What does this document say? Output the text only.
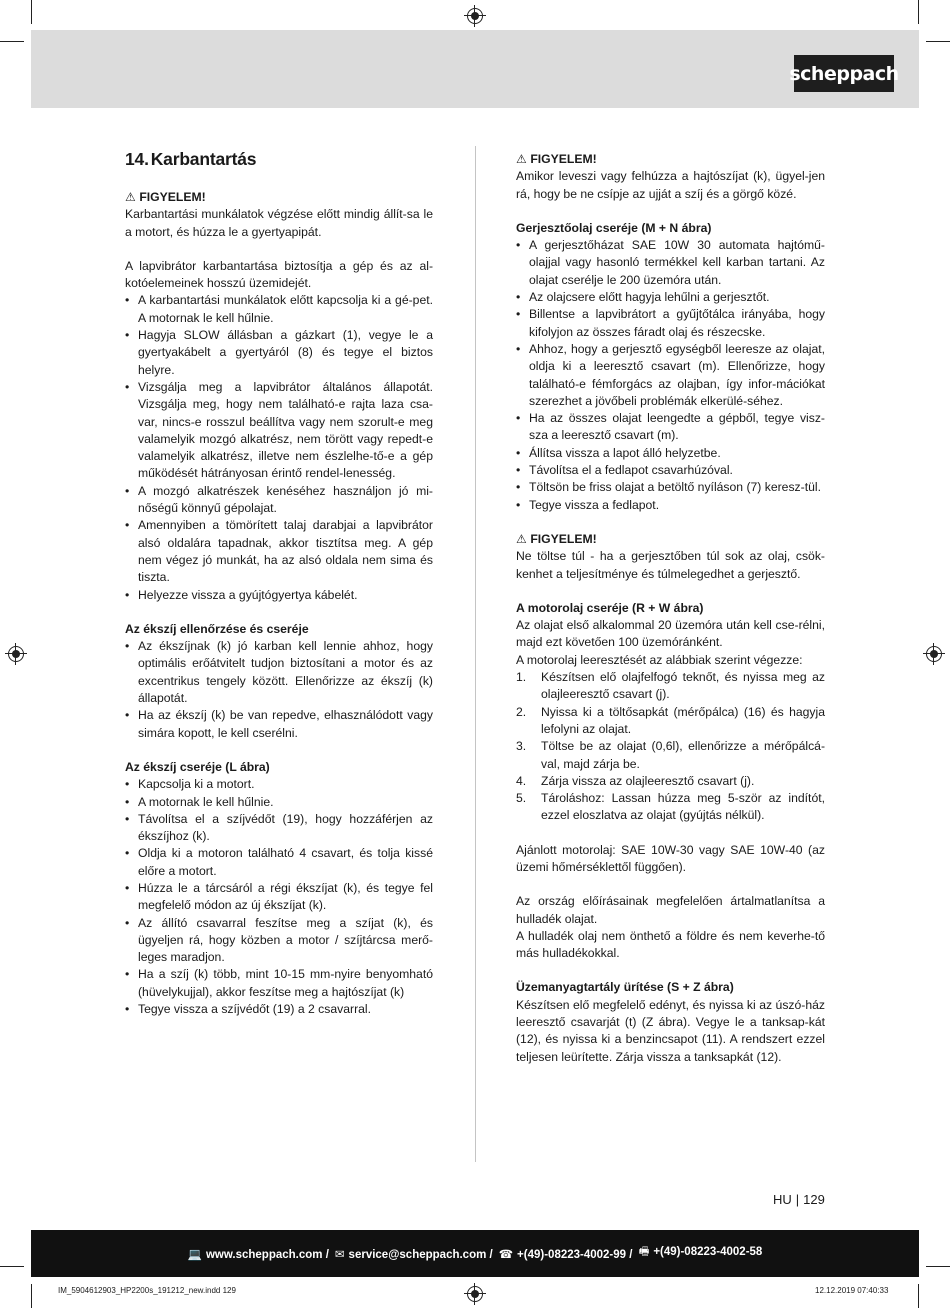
scheppach
14. Karbantartás

⚠ FIGYELEM!

Karbantartási munkálatok végzése előtt mindig állít-sa le a motort, és húzza le a gyertyapipát.

A lapvibrátor karbantartása biztosítja a gép és az al-kotóelemeinek hosszú üzemidejét.

• A karbantartási munkálatok előtt kapcsolja ki a gé-pet. A motornak le kell hűlnie.
• Hagyja SLOW állásban a gázkart (1), vegye le a gyertyakábelt a gyertyáról (8) és tegye el biztos helyre.
• Vizsgálja meg a lapvibrátor általános állapotát. Vizsgálja meg, hogy nem található-e rajta laza csa-var, nincs-e rosszul beállítva vagy nem szorult-e meg valamelyik mozgó alkatrész, nem törött vagy repedt-e valamelyik alkatrész, illetve nem észlelhe-tő-e a gép működését hátrányosan érintő rendel-lenesség.
• A mozgó alkatrészek kenéséhez használjon jó mi-nőségű könnyű gépolajat.
• Amennyiben a tömörített talaj darabjai a lapvibrátor alsó oldalára tapadnak, akkor tisztítsa meg. A gép nem végez jó munkát, ha az alsó oldala nem sima és tiszta.
• Helyezze vissza a gyújtógyertya kábelét.

Az ékszíj ellenőrzése és cseréje

• Az ékszíjnak (k) jó karban kell lennie ahhoz, hogy optimális erőátvitelt tudjon biztosítani a motor és az excentrikus tengely között. Ellenőrizze az ékszíj (k) állapotát.
• Ha az ékszíj (k) be van repedve, elhasználódott vagy simára kopott, le kell cserélni.

Az ékszíj cseréje (L ábra)

• Kapcsolja ki a motort.
• A motornak le kell hűlnie.
• Távolítsa el a szíjvédőt (19), hogy hozzáférjen az ékszíjhoz (k).
• Oldja ki a motoron található 4 csavart, és tolja kissé előre a motort.
• Húzza le a tárcsáról a régi ékszíjat (k), és tegye fel megfelelő módon az új ékszíjat (k).
• Az állító csavarral feszítse meg a szíjat (k), és ügyeljen rá, hogy közben a motor / szíjtárcsa merő-leges maradjon.
• Ha a szíj (k) több, mint 10-15 mm-nyire benyomható (hüvelykujjal), akkor feszítse meg a hajtószíjat (k)
• Tegye vissza a szíjvédőt (19) a 2 csavarral.

⚠ FIGYELEM!

Amikor leveszi vagy felhúzza a hajtószíjat (k), ügyel-jen rá, hogy be ne csípje az ujját a szíj és a görgő közé.

Gerjesztőolaj cseréje (M + N ábra)

• A gerjesztőházat SAE 10W 30 automata hajtómű-olajjal vagy hasonló termékkel kell karban tartani. Az olajat cserélje le 200 üzemóra után.
• Az olajcsere előtt hagyja lehűlni a gerjesztőt.
• Billentse a lapvibrátort a gyűjtőtálca irányába, hogy kifolyjon az összes fáradt olaj és részecske.
• Ahhoz, hogy a gerjesztő egységből leeresze az olajat, oldja ki a leeresztő csavart (m). Ellenőrizze, hogy található-e fémforgács az olajban, így infor-mációkat szerezhet a jövőbeli problémák elkerülé-séhez.
• Ha az összes olajat leengedte a gépből, tegye visz-sza a leeresztő csavart (m).
• Állítsa vissza a lapot álló helyzetbe.
• Távolítsa el a fedlapot csavarhúzóval.
• Töltsön be friss olajat a betöltő nyíláson (7) keresz-tül.
• Tegye vissza a fedlapot.

⚠ FIGYELEM!

Ne töltse túl - ha a gerjesztőben túl sok az olaj, csök-kenhet a teljesítménye és túlmelegedhet a gerjesztő.

A motorolaj cseréje (R + W ábra)

Az olajat első alkalommal 20 üzemóra után kell cse-rélni, majd ezt követően 100 üzemóránként.

A motorolaj leeresztését az alábbiak szerint végezze:

1. Készítsen elő olajfelfogó teknőt, és nyissa meg az olajleeresztő csavart (j).
2. Nyissa ki a töltősapkát (mérőpálca) (16) és hagyja lefolyni az olajat.
3. Töltse be az olajat (0,6l), ellenőrizze a mérőpálcá-val, majd zárja be.
4. Zárja vissza az olajleeresztő csavart (j).
5. Tároláshoz: Lassan húzza meg 5-ször az indítót, ezzel eloszlatva az olajat (gyújtás nélkül).

Ajánlott motorolaj: SAE 10W-30 vagy SAE 10W-40 (az üzemi hőmérséklettől függően).

Az ország előírásainak megfelelően ártalmatlanítsa a hulladék olajat.

A hulladék olaj nem önthető a földre és nem keverhe-tő más hulladékokkal.

Üzemanyagtartály ürítése (S + Z ábra)

Készítsen elő megfelelő edényt, és nyissa ki az úszó-ház leeresztő csavarját (t) (Z ábra). Vegye le a tanksap-kát (12), és nyissa ki a benzincsapot (11). A rendszert ezzel teljesen leürítette. Zárja vissza a tanksapkát (12).

HU | 129
💻 www.scheppach.com / ✉ service@scheppach.com / ☎ +(49)-08223-4002-99 / 🖷 +(49)-08223-4002-58
IM_5904612903_HP2200s_191212_new.indd 129	12.12.2019 07:40:33
